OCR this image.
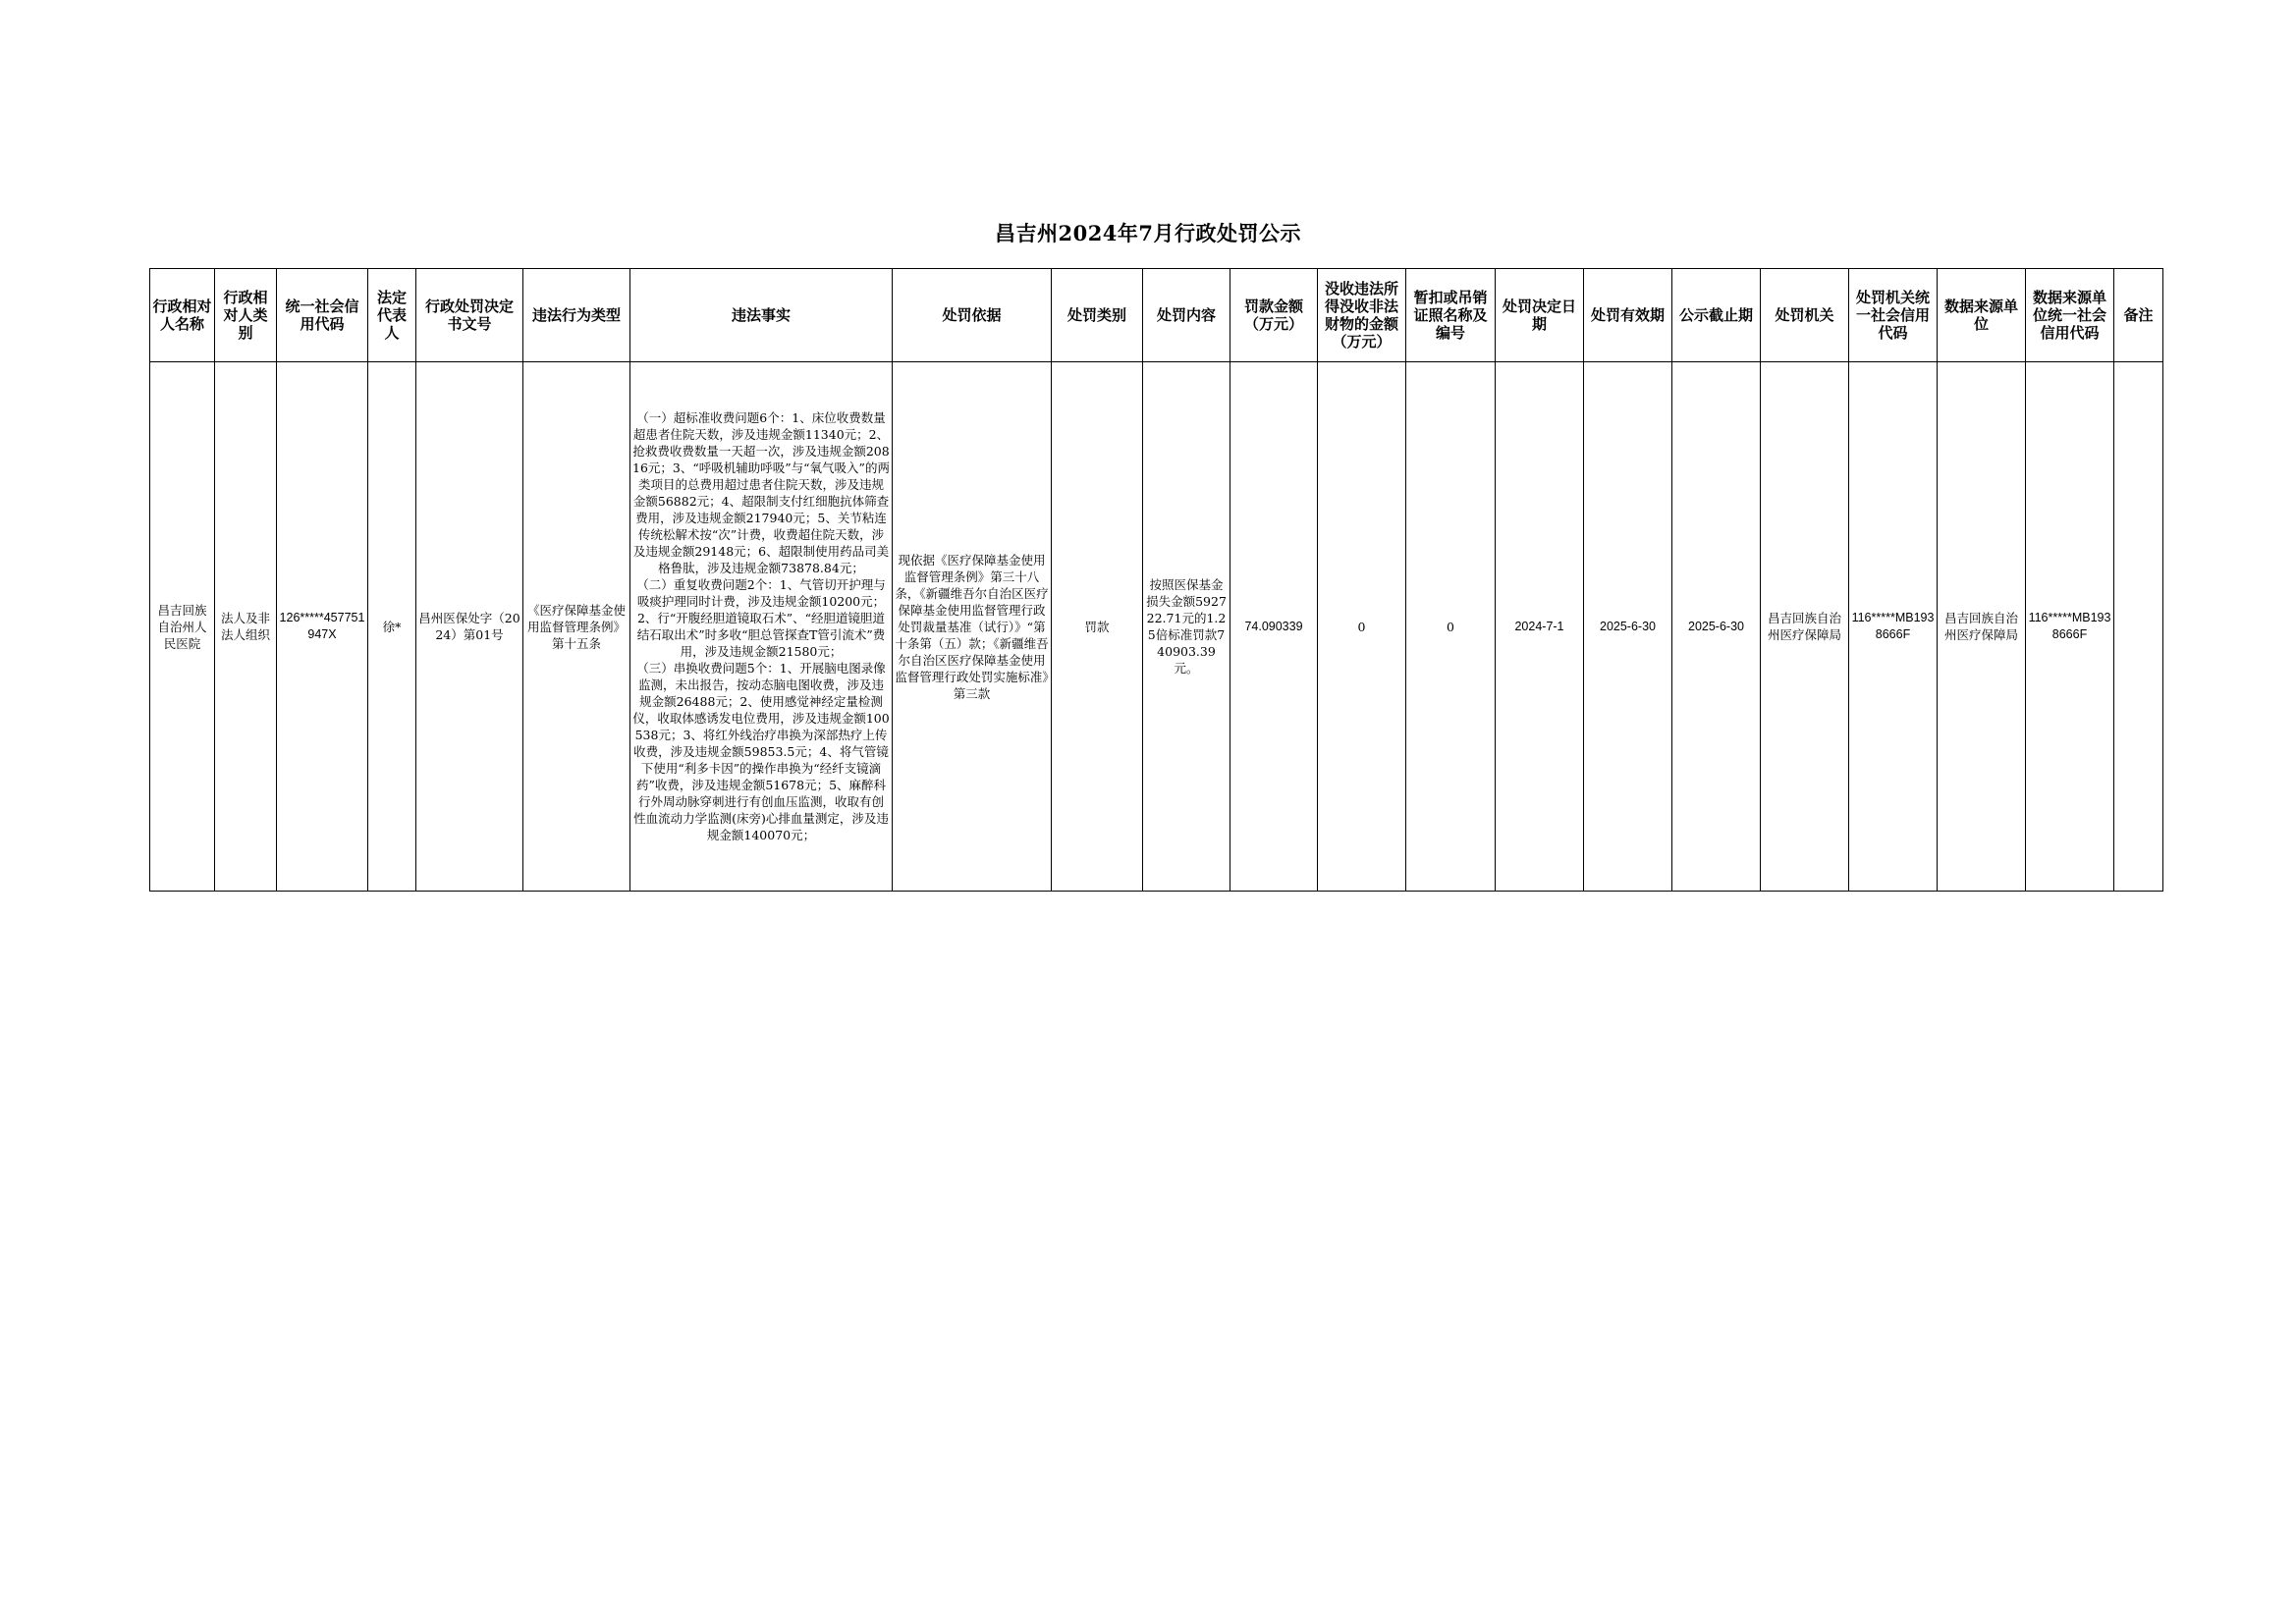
昌吉州2024年7月行政处罚公示
行政相对人名称	行政相对人类别	统一社会信用代码	法定代表人	行政处罚决定书文号	违法行为类型	违法事实	处罚依据	处罚类别	处罚内容	罚款金额（万元）	没收违法所得没收非法财物的金额（万元）	暂扣或吊销证照名称及编号	处罚决定日期	处罚有效期	公示截止期	处罚机关	处罚机关统一社会信用代码	数据来源单位	数据来源单位统一社会信用代码	备注
昌吉回族自治州人民医院	法人及非法人组织	126*****457751947X	徐*	昌州医保处字（2024）第01号	《医疗保障基金使用监督管理条例》第十五条	（一）超标准收费问题6个：1、床位收费数量超患者住院天数，涉及违规金额11340元；2、抢救费收费数量一天超一次，涉及违规金额20816元；3、“呼吸机辅助呼吸”与“氧气吸入”的两类项目的总费用超过患者住院天数，涉及违规金额56882元；4、超限制支付红细胞抗体筛查费用，涉及违规金额217940元；5、关节粘连传统松解术按“次”计费，收费超住院天数，涉及违规金额29148元；6、超限制使用药品司美格鲁肽，涉及违规金额73878.84元；
（二）重复收费问题2个：1、气管切开护理与吸痰护理同时计费，涉及违规金额10200元；2、行“开腹经胆道镜取石术”、“经胆道镜胆道结石取出术”时多收“胆总管探查T管引流术”费用，涉及违规金额21580元；
（三）串换收费问题5个：1、开展脑电图录像监测，未出报告，按动态脑电图收费，涉及违规金额26488元；2、使用感觉神经定量检测仪，收取体感诱发电位费用，涉及违规金额100538元；3、将红外线治疗串换为深部热疗上传收费，涉及违规金额59853.5元；4、将气管镜下使用“利多卡因”的操作串换为“经纤支镜滴药”收费，涉及违规金额51678元；5、麻醉科行外周动脉穿刺进行有创血压监测，收取有创性血流动力学监测(床旁)心排血量测定，涉及违规金额140070元；	现依据《医疗保障基金使用监督管理条例》第三十八条，《新疆维吾尔自治区医疗保障基金使用监督管理行政处罚裁量基准（试行）》“第十条第（五）款；《新疆维吾尔自治区医疗保障基金使用监督管理行政处罚实施标准》第三款	罚款	按照医保基金损失金额592722.71元的1.25倍标准罚款740903.39元。	74.090339	0	0	2024-7-1	2025-6-30	2025-6-30	昌吉回族自治州医疗保障局	116*****MB1938666F	昌吉回族自治州医疗保障局	116*****MB1938666F	
